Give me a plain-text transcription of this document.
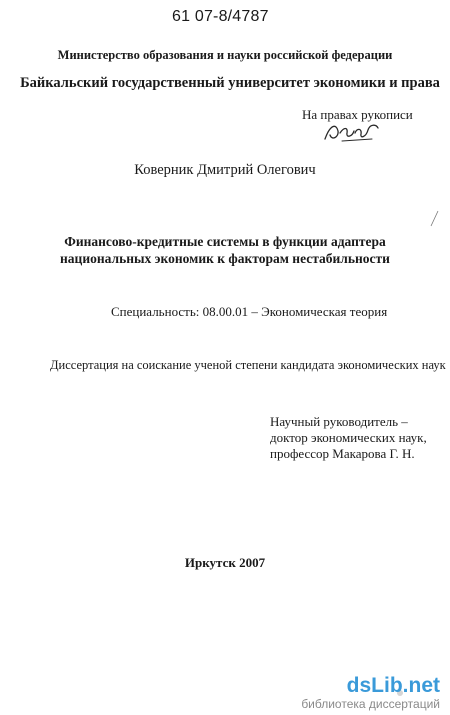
61 07-8/4787
Министерство образования и науки российской федерации
Байкальский государственный университет экономики и права
На правах рукописи
Коверник Дмитрий Олегович
Финансово-кредитные системы в функции адаптера
национальных экономик к факторам нестабильности
Специальность: 08.00.01 – Экономическая теория
Диссертация на соискание ученой степени кандидата экономических наук
Научный руководитель –
доктор экономических наук,
профессор Макарова Г. Н.
Иркутск 2007
dsLib.net
библиотека диссертаций
